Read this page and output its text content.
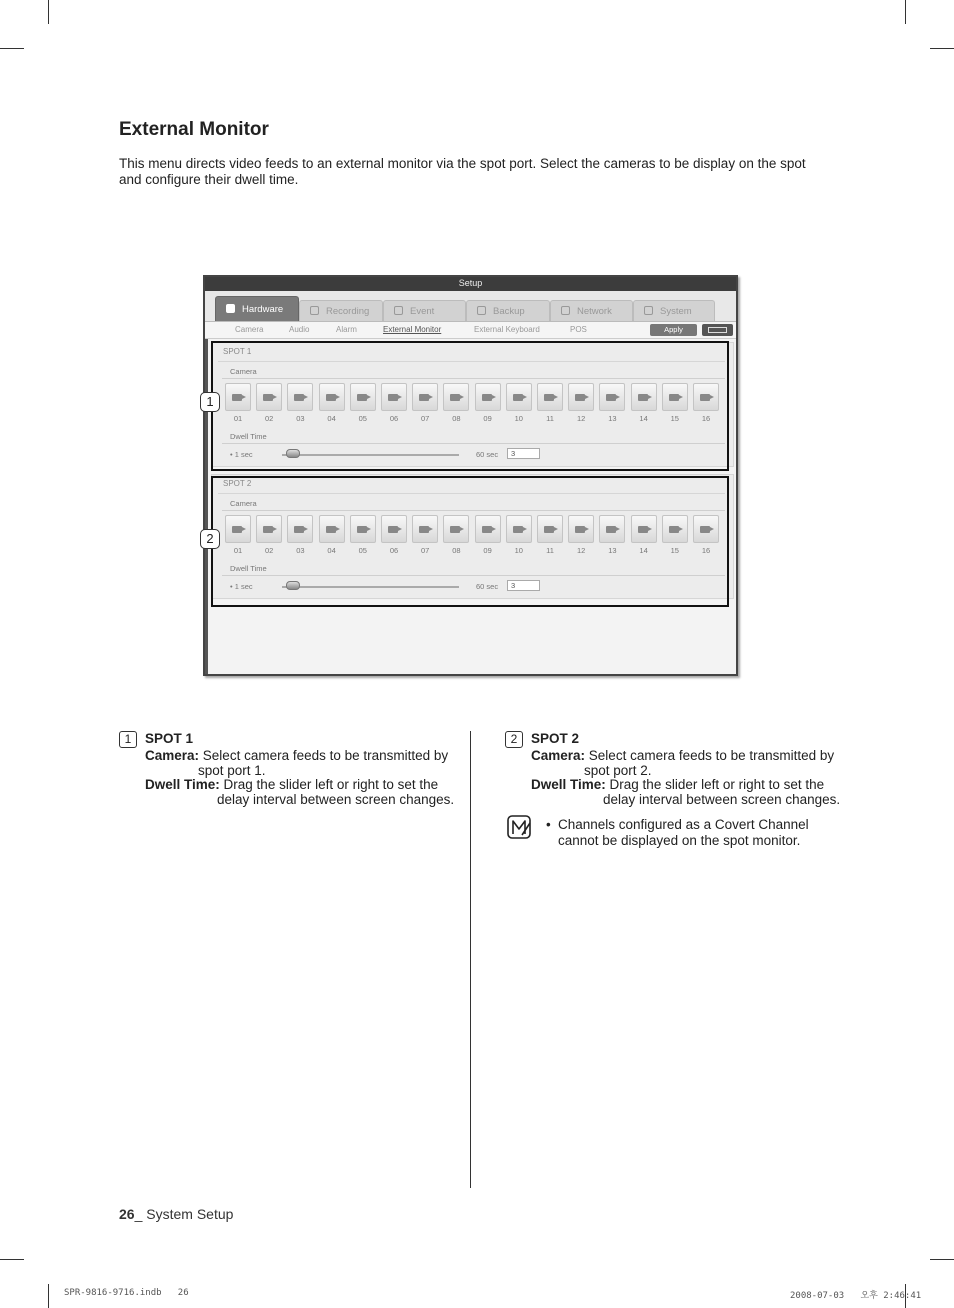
External Monitor

This menu directs video feeds to an external monitor via the spot port. Select the cameras to be display on the spot and configure their dwell time.

Setup
Hardware	Recording	Event	Backup	Network	System
Camera	Audio	Alarm	External Monitor	External Keyboard	POS	Apply
SPOT 1
Camera
01	02	03	04	05	06	07	08	09	10	11	12	13	14	15	16
Dwell Time
• 1 sec	60 sec	3
SPOT 2
Camera
01	02	03	04	05	06	07	08	09	10	11	12	13	14	15	16
Dwell Time
• 1 sec	60 sec	3
1
2
1	SPOT 1
Camera: Select camera feeds to be transmitted by
spot port 1.
Dwell Time: Drag the slider left or right to set the
delay interval between screen changes.
2	SPOT 2
Camera: Select camera feeds to be transmitted by
spot port 2.
Dwell Time: Drag the slider left or right to set the
delay interval between screen changes.
• Channels configured as a Covert Channel cannot be displayed on the spot monitor.
26_ System Setup
SPR-9816-9716.indb   26	2008-07-03   오후 2:46:41
